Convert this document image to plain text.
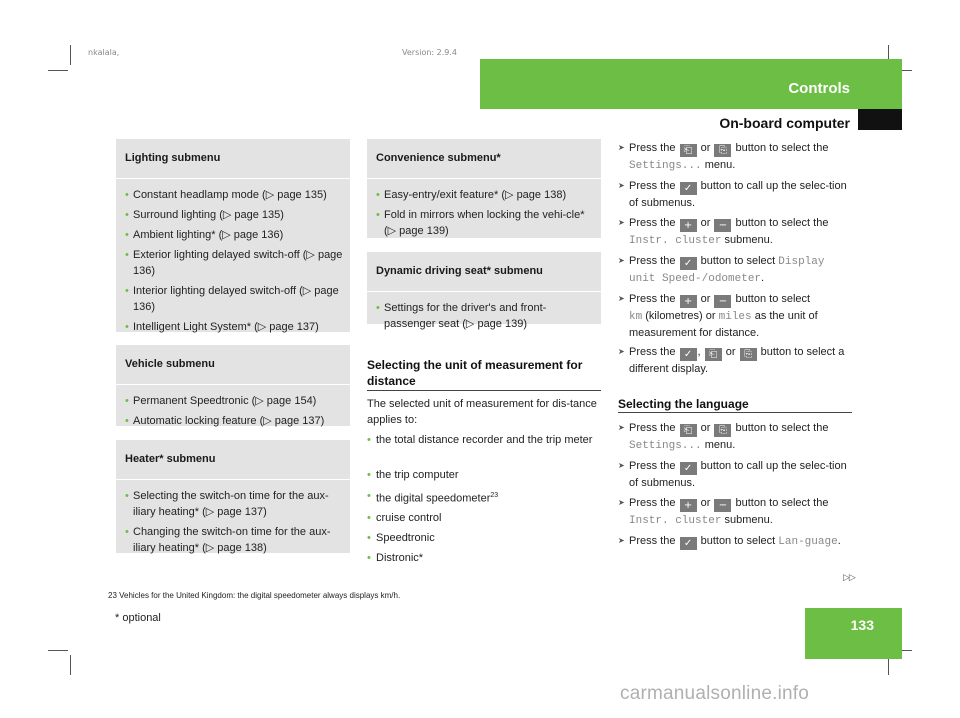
nkalala,	Version: 2.9.4
Controls
On-board computer
Lighting submenu
• Constant headlamp mode (▷ page 135)
• Surround lighting (▷ page 135)
• Ambient lighting* (▷ page 136)
• Exterior lighting delayed switch-off (▷ page 136)
• Interior lighting delayed switch-off (▷ page 136)
• Intelligent Light System* (▷ page 137)
Vehicle submenu
• Permanent Speedtronic (▷ page 154)
• Automatic locking feature (▷ page 137)
Heater* submenu
• Selecting the switch-on time for the aux-iliary heating* (▷ page 137)
• Changing the switch-on time for the aux-iliary heating* (▷ page 138)
Convenience submenu*
• Easy-entry/exit feature* (▷ page 138)
• Fold in mirrors when locking the vehi-cle* (▷ page 139)
Dynamic driving seat* submenu
• Settings for the driver's and front-passenger seat (▷ page 139)
Selecting the unit of measurement for distance
The selected unit of measurement for dis-tance applies to:
• the total distance recorder and the trip meter
• the trip computer
• the digital speedometer$^{23}$
• cruise control
• Speedtronic
• Distronic*
➤ Press the ⎗ or ⎘ button to select the
Settings... menu.
➤ Press the ✓ button to call up the selec-tion of submenus.
➤ Press the + or − button to select the
Instr. cluster submenu.
➤ Press the ✓ button to select Display unit Speed-/odometer.
➤ Press the + or − button to select
km (kilometres) or miles as the unit of measurement for distance.
➤ Press the ✓ , ⎗ or ⎘ button to select a different display.
Selecting the language
➤ Press the ⎗ or ⎘ button to select the
Settings... menu.
➤ Press the ✓ button to call up the selec-tion of submenus.
➤ Press the + or − button to select the
Instr. cluster submenu.
➤ Press the ✓ button to select Lan-guage.
▷▷
23 Vehicles for the United Kingdom: the digital speedometer always displays km/h.
* optional	133
carmanualsonline.info
